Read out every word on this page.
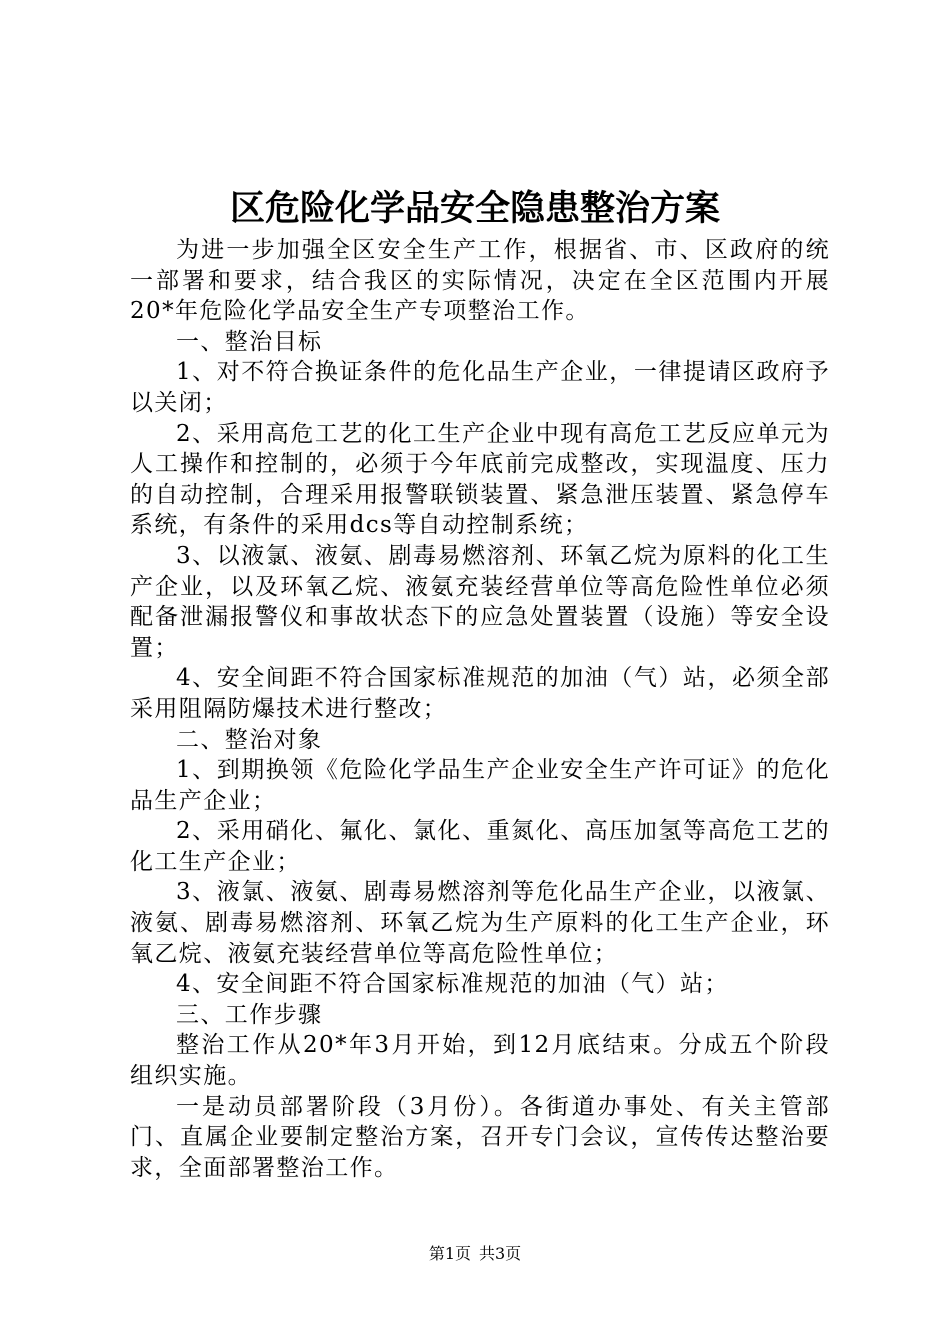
区危险化学品安全隐患整治方案

为进一步加强全区安全生产工作，根据省、市、区政府的统一部署和要求，结合我区的实际情况，决定在全区范围内开展20*年危险化学品安全生产专项整治工作。

一、整治目标

1、对不符合换证条件的危化品生产企业，一律提请区政府予以关闭；

2、采用高危工艺的化工生产企业中现有高危工艺反应单元为人工操作和控制的，必须于今年底前完成整改，实现温度、压力的自动控制，合理采用报警联锁装置、紧急泄压装置、紧急停车系统，有条件的采用dcs等自动控制系统；

3、以液氯、液氨、剧毒易燃溶剂、环氧乙烷为原料的化工生产企业，以及环氧乙烷、液氨充装经营单位等高危险性单位必须配备泄漏报警仪和事故状态下的应急处置装置（设施）等安全设置；

4、安全间距不符合国家标准规范的加油（气）站，必须全部采用阻隔防爆技术进行整改；

二、整治对象

1、到期换领《危险化学品生产企业安全生产许可证》的危化品生产企业；

2、采用硝化、氟化、氯化、重氮化、高压加氢等高危工艺的化工生产企业；

3、液氯、液氨、剧毒易燃溶剂等危化品生产企业，以液氯、液氨、剧毒易燃溶剂、环氧乙烷为生产原料的化工生产企业，环氧乙烷、液氨充装经营单位等高危险性单位；

4、安全间距不符合国家标准规范的加油（气）站；

三、工作步骤

整治工作从20*年3月开始，到12月底结束。分成五个阶段组织实施。

一是动员部署阶段（3月份）。各街道办事处、有关主管部门、直属企业要制定整治方案，召开专门会议，宣传传达整治要求，全面部署整治工作。

第1页 共3页
